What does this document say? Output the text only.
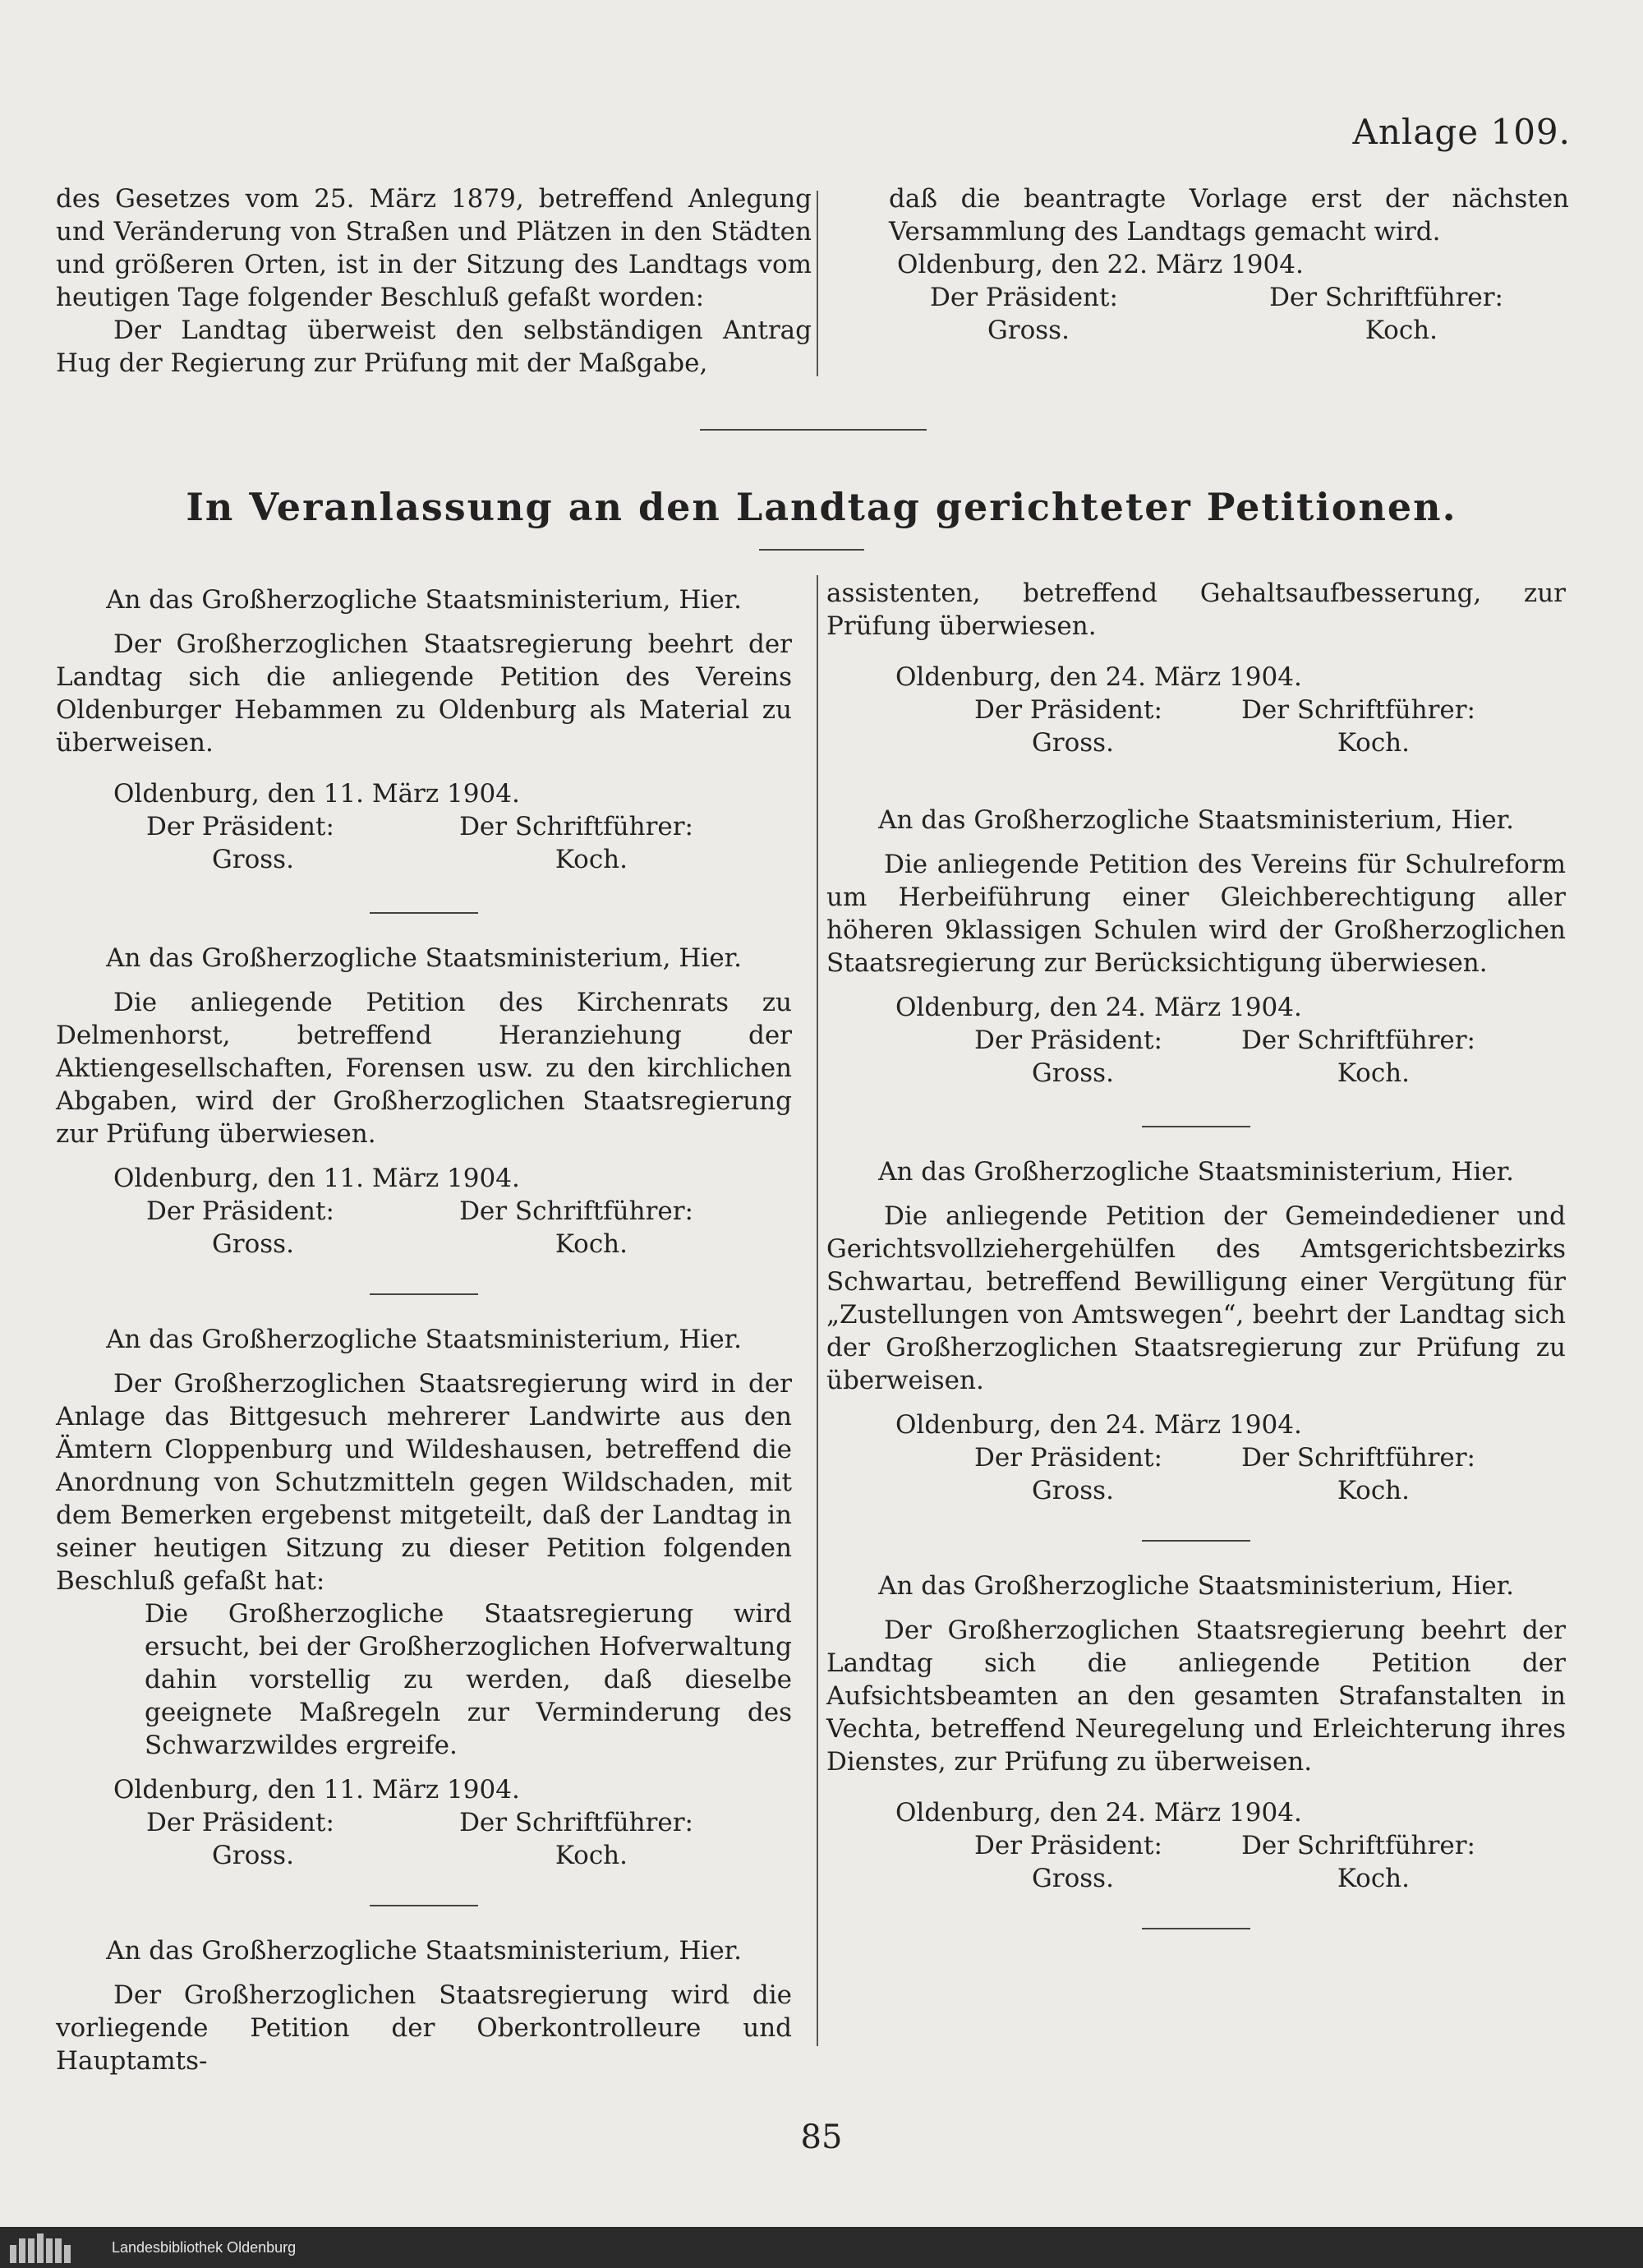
Anlage 109.

des Gesetzes vom 25. März 1879, betreffend Anlegung und Veränderung von Straßen und Plätzen in den Städten und größeren Orten, ist in der Sitzung des Landtags vom heutigen Tage folgender Beschluß gefaßt worden:

Der Landtag überweist den selbständigen Antrag Hug der Regierung zur Prüfung mit der Maßgabe,

daß die beantragte Vorlage erst der nächsten Versammlung des Landtags gemacht wird.

Oldenburg, den 22. März 1904.

Der Präsident:	Der Schriftführer:
Gross.	Koch.
In Veranlassung an den Landtag gerichteter Petitionen.

An das Großherzogliche Staatsministerium, Hier.

Der Großherzoglichen Staatsregierung beehrt der Landtag sich die anliegende Petition des Vereins Oldenburger Hebammen zu Oldenburg als Material zu überweisen.

Oldenburg, den 11. März 1904.

Der Präsident:	Der Schriftführer:
Gross.	Koch.

An das Großherzogliche Staatsministerium, Hier.

Die anliegende Petition des Kirchenrats zu Delmenhorst, betreffend Heranziehung der Aktiengesellschaften, Forensen usw. zu den kirchlichen Abgaben, wird der Großherzoglichen Staatsregierung zur Prüfung überwiesen.

Oldenburg, den 11. März 1904.

Der Präsident:	Der Schriftführer:
Gross.	Koch.

An das Großherzogliche Staatsministerium, Hier.

Der Großherzoglichen Staatsregierung wird in der Anlage das Bittgesuch mehrerer Landwirte aus den Ämtern Cloppenburg und Wildeshausen, betreffend die Anordnung von Schutzmitteln gegen Wildschaden, mit dem Bemerken ergebenst mitgeteilt, daß der Landtag in seiner heutigen Sitzung zu dieser Petition folgenden Beschluß gefaßt hat:

Die Großherzogliche Staatsregierung wird ersucht, bei der Großherzoglichen Hofverwaltung dahin vorstellig zu werden, daß dieselbe geeignete Maßregeln zur Verminderung des Schwarzwildes ergreife.

Oldenburg, den 11. März 1904.

Der Präsident:	Der Schriftführer:
Gross.	Koch.

An das Großherzogliche Staatsministerium, Hier.

Der Großherzoglichen Staatsregierung wird die vorliegende Petition der Oberkontrolleure und Hauptamts-

assistenten, betreffend Gehaltsaufbesserung, zur Prüfung überwiesen.

Oldenburg, den 24. März 1904.

Der Präsident:	Der Schriftführer:
Gross.	Koch.

An das Großherzogliche Staatsministerium, Hier.

Die anliegende Petition des Vereins für Schulreform um Herbeiführung einer Gleichberechtigung aller höheren 9klassigen Schulen wird der Großherzoglichen Staatsregierung zur Berücksichtigung überwiesen.

Oldenburg, den 24. März 1904.

Der Präsident:	Der Schriftführer:
Gross.	Koch.

An das Großherzogliche Staatsministerium, Hier.

Die anliegende Petition der Gemeindediener und Gerichtsvollziehergehülfen des Amtsgerichtsbezirks Schwartau, betreffend Bewilligung einer Vergütung für „Zustellungen von Amtswegen“, beehrt der Landtag sich der Großherzoglichen Staatsregierung zur Prüfung zu überweisen.

Oldenburg, den 24. März 1904.

Der Präsident:	Der Schriftführer:
Gross.	Koch.

An das Großherzogliche Staatsministerium, Hier.

Der Großherzoglichen Staatsregierung beehrt der Landtag sich die anliegende Petition der Aufsichtsbeamten an den gesamten Strafanstalten in Vechta, betreffend Neuregelung und Erleichterung ihres Dienstes, zur Prüfung zu überweisen.

Oldenburg, den 24. März 1904.

Der Präsident:	Der Schriftführer:
Gross.	Koch.
85
Landesbibliothek Oldenburg
